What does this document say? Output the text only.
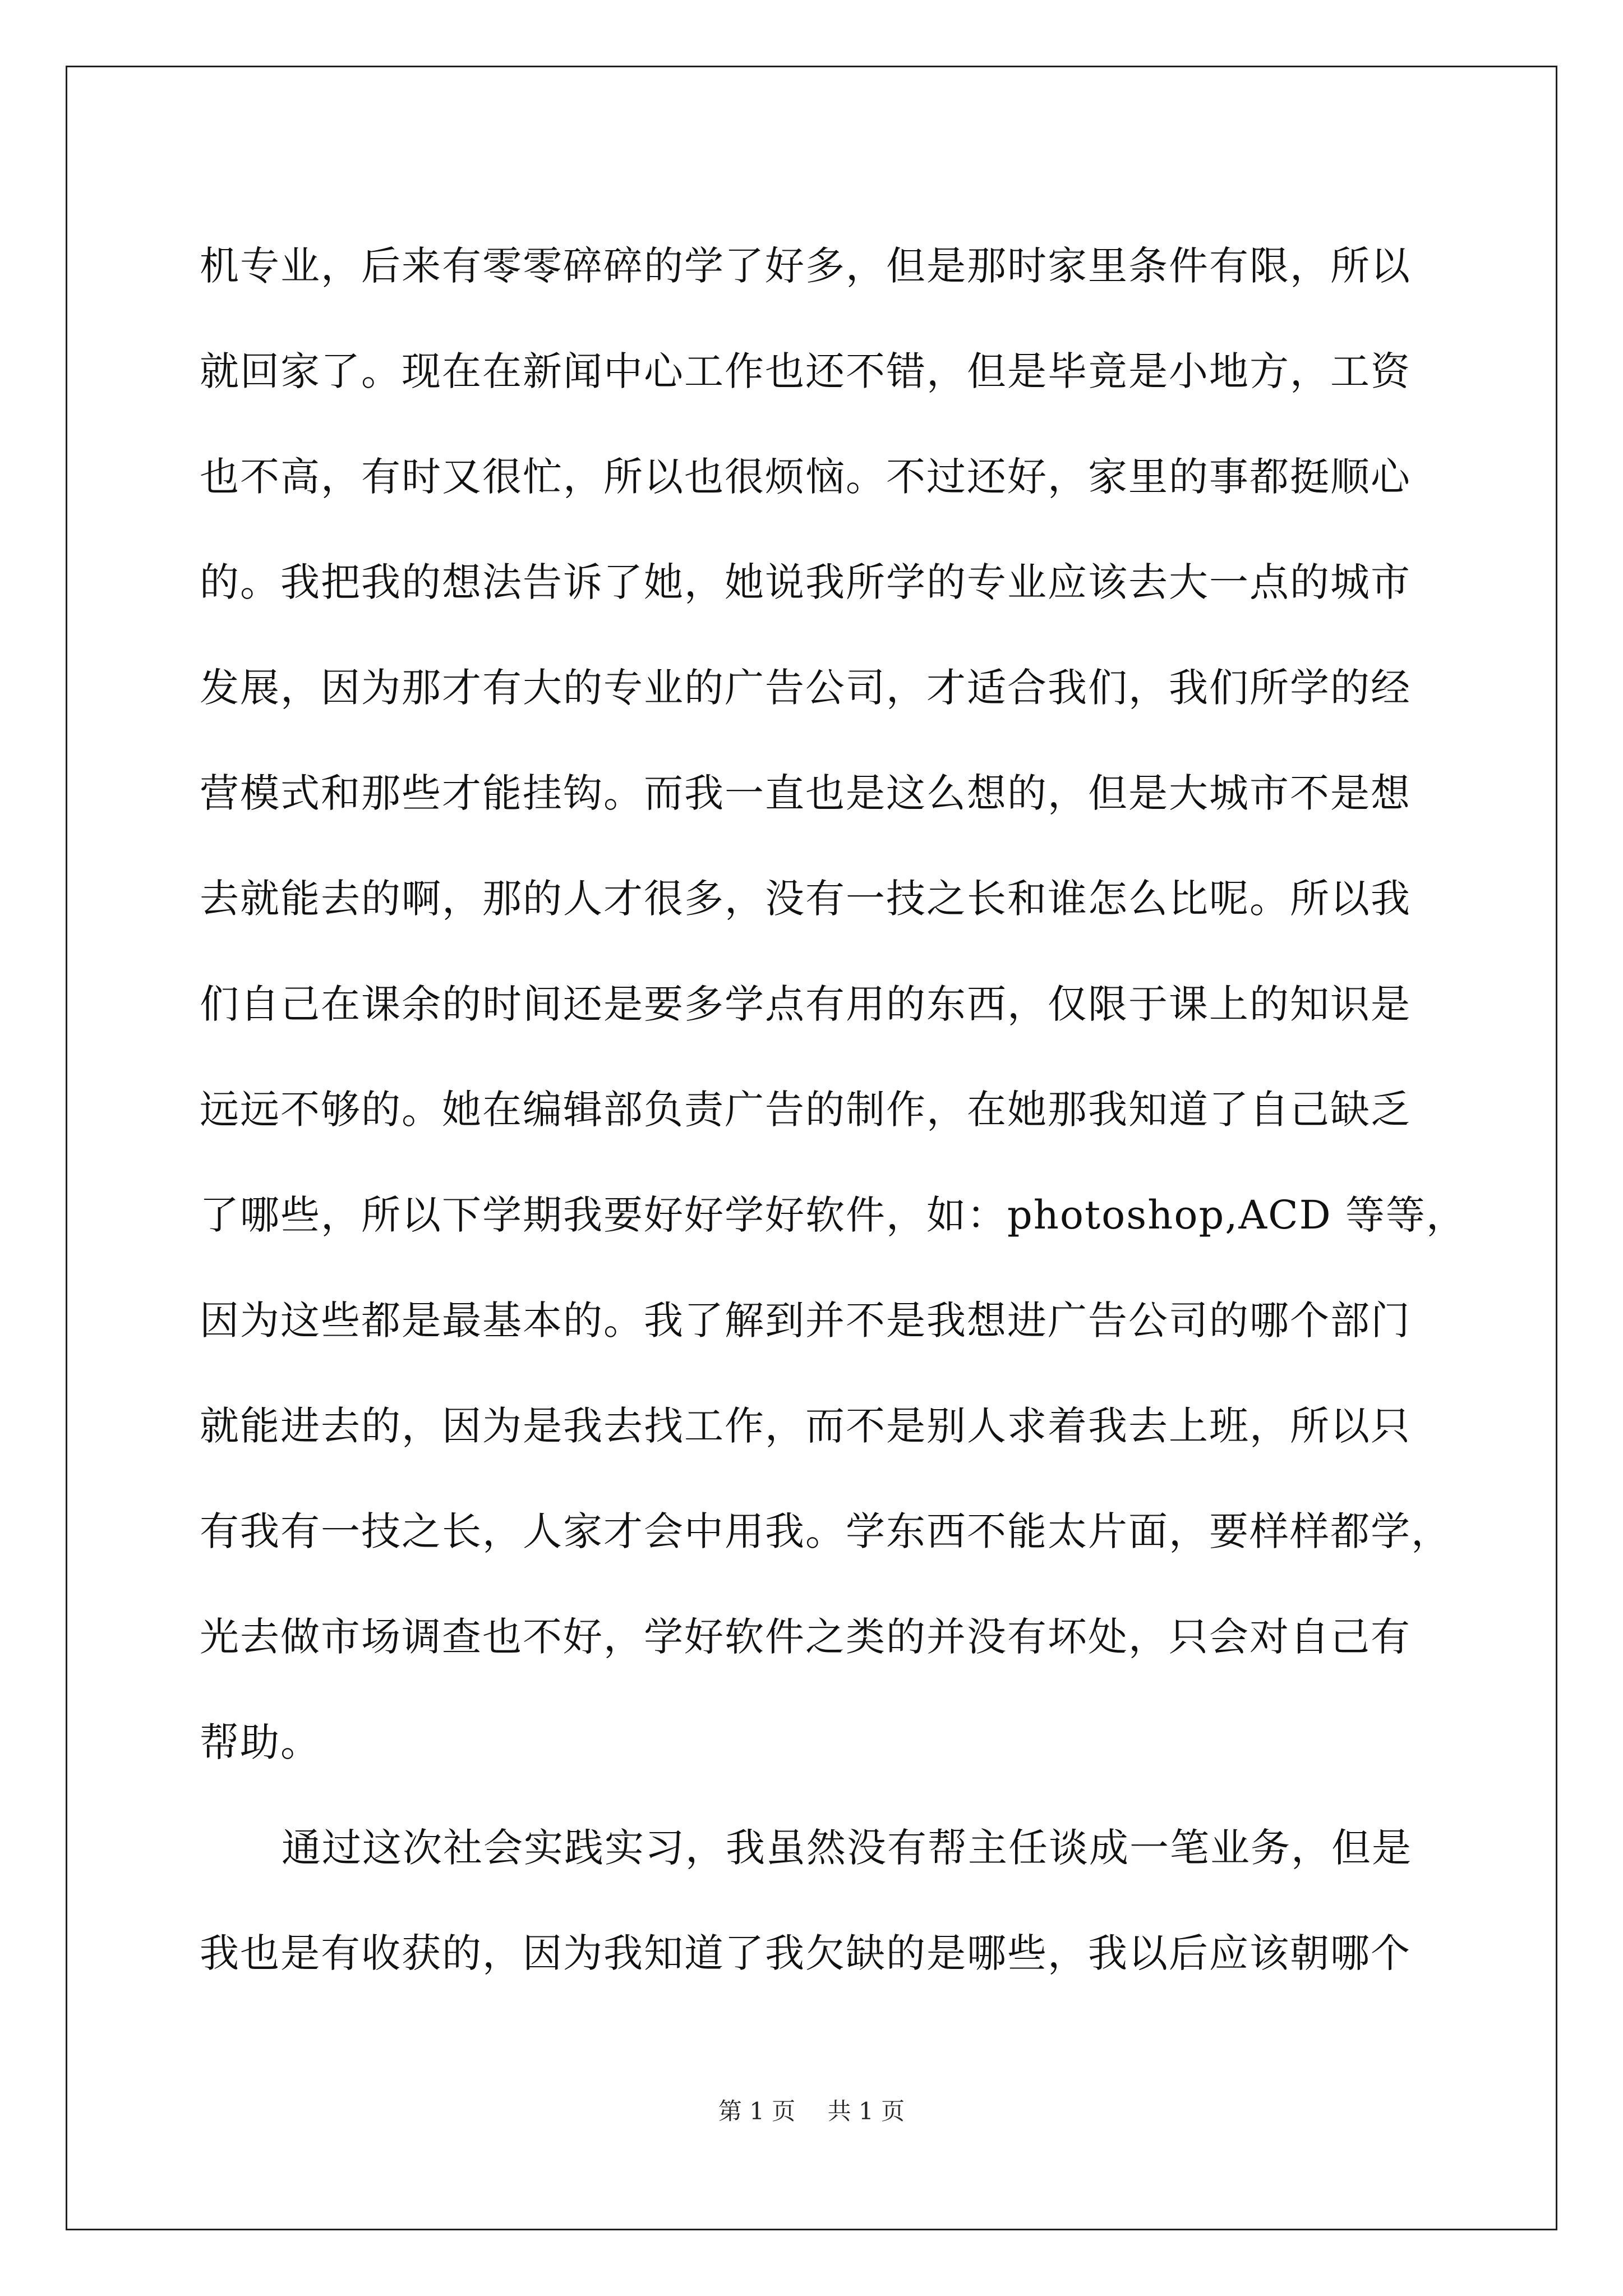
机专业，后来有零零碎碎的学了好多，但是那时家里条件有限，所以
就回家了。现在在新闻中心工作也还不错，但是毕竟是小地方，工资
也不高，有时又很忙，所以也很烦恼。不过还好，家里的事都挺顺心
的。我把我的想法告诉了她，她说我所学的专业应该去大一点的城市
发展，因为那才有大的专业的广告公司，才适合我们，我们所学的经
营模式和那些才能挂钩。而我一直也是这么想的，但是大城市不是想
去就能去的啊，那的人才很多，没有一技之长和谁怎么比呢。所以我
们自己在课余的时间还是要多学点有用的东西，仅限于课上的知识是
远远不够的。她在编辑部负责广告的制作，在她那我知道了自己缺乏
了哪些，所以下学期我要好好学好软件，如：photoshop,ACD 等等，
因为这些都是最基本的。我了解到并不是我想进广告公司的哪个部门
就能进去的，因为是我去找工作，而不是别人求着我去上班，所以只
有我有一技之长，人家才会中用我。学东西不能太片面，要样样都学，
光去做市场调查也不好，学好软件之类的并没有坏处，只会对自己有
帮助。
通过这次社会实践实习，我虽然没有帮主任谈成一笔业务，但是
我也是有收获的，因为我知道了我欠缺的是哪些，我以后应该朝哪个
第 1 页 共 1 页
